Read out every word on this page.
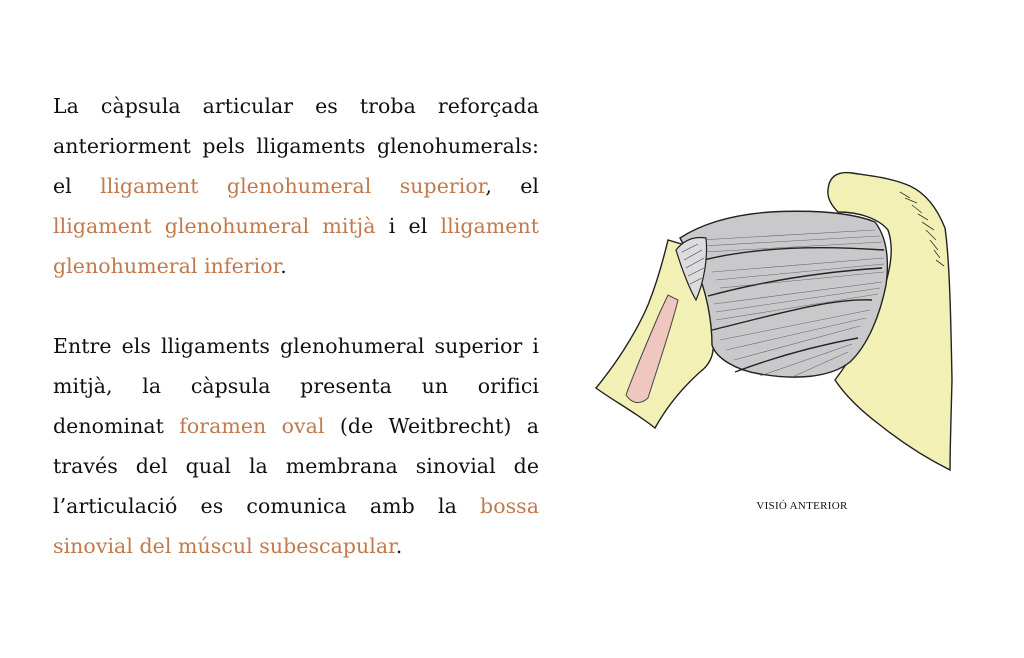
La càpsula articular es troba reforçada anteriorment pels lligaments glenohumerals: el lligament glenohumeral superior, el lligament glenohumeral mitjà i el lligament glenohumeral inferior.

Entre els lligaments glenohumeral superior i mitjà, la càpsula presenta un orifici denominat foramen oval (de Weitbrecht) a través del qual la membrana sinovial de l’articulació es comunica amb la bossa sinovial del múscul subescapular.

VISIÓ ANTERIOR
